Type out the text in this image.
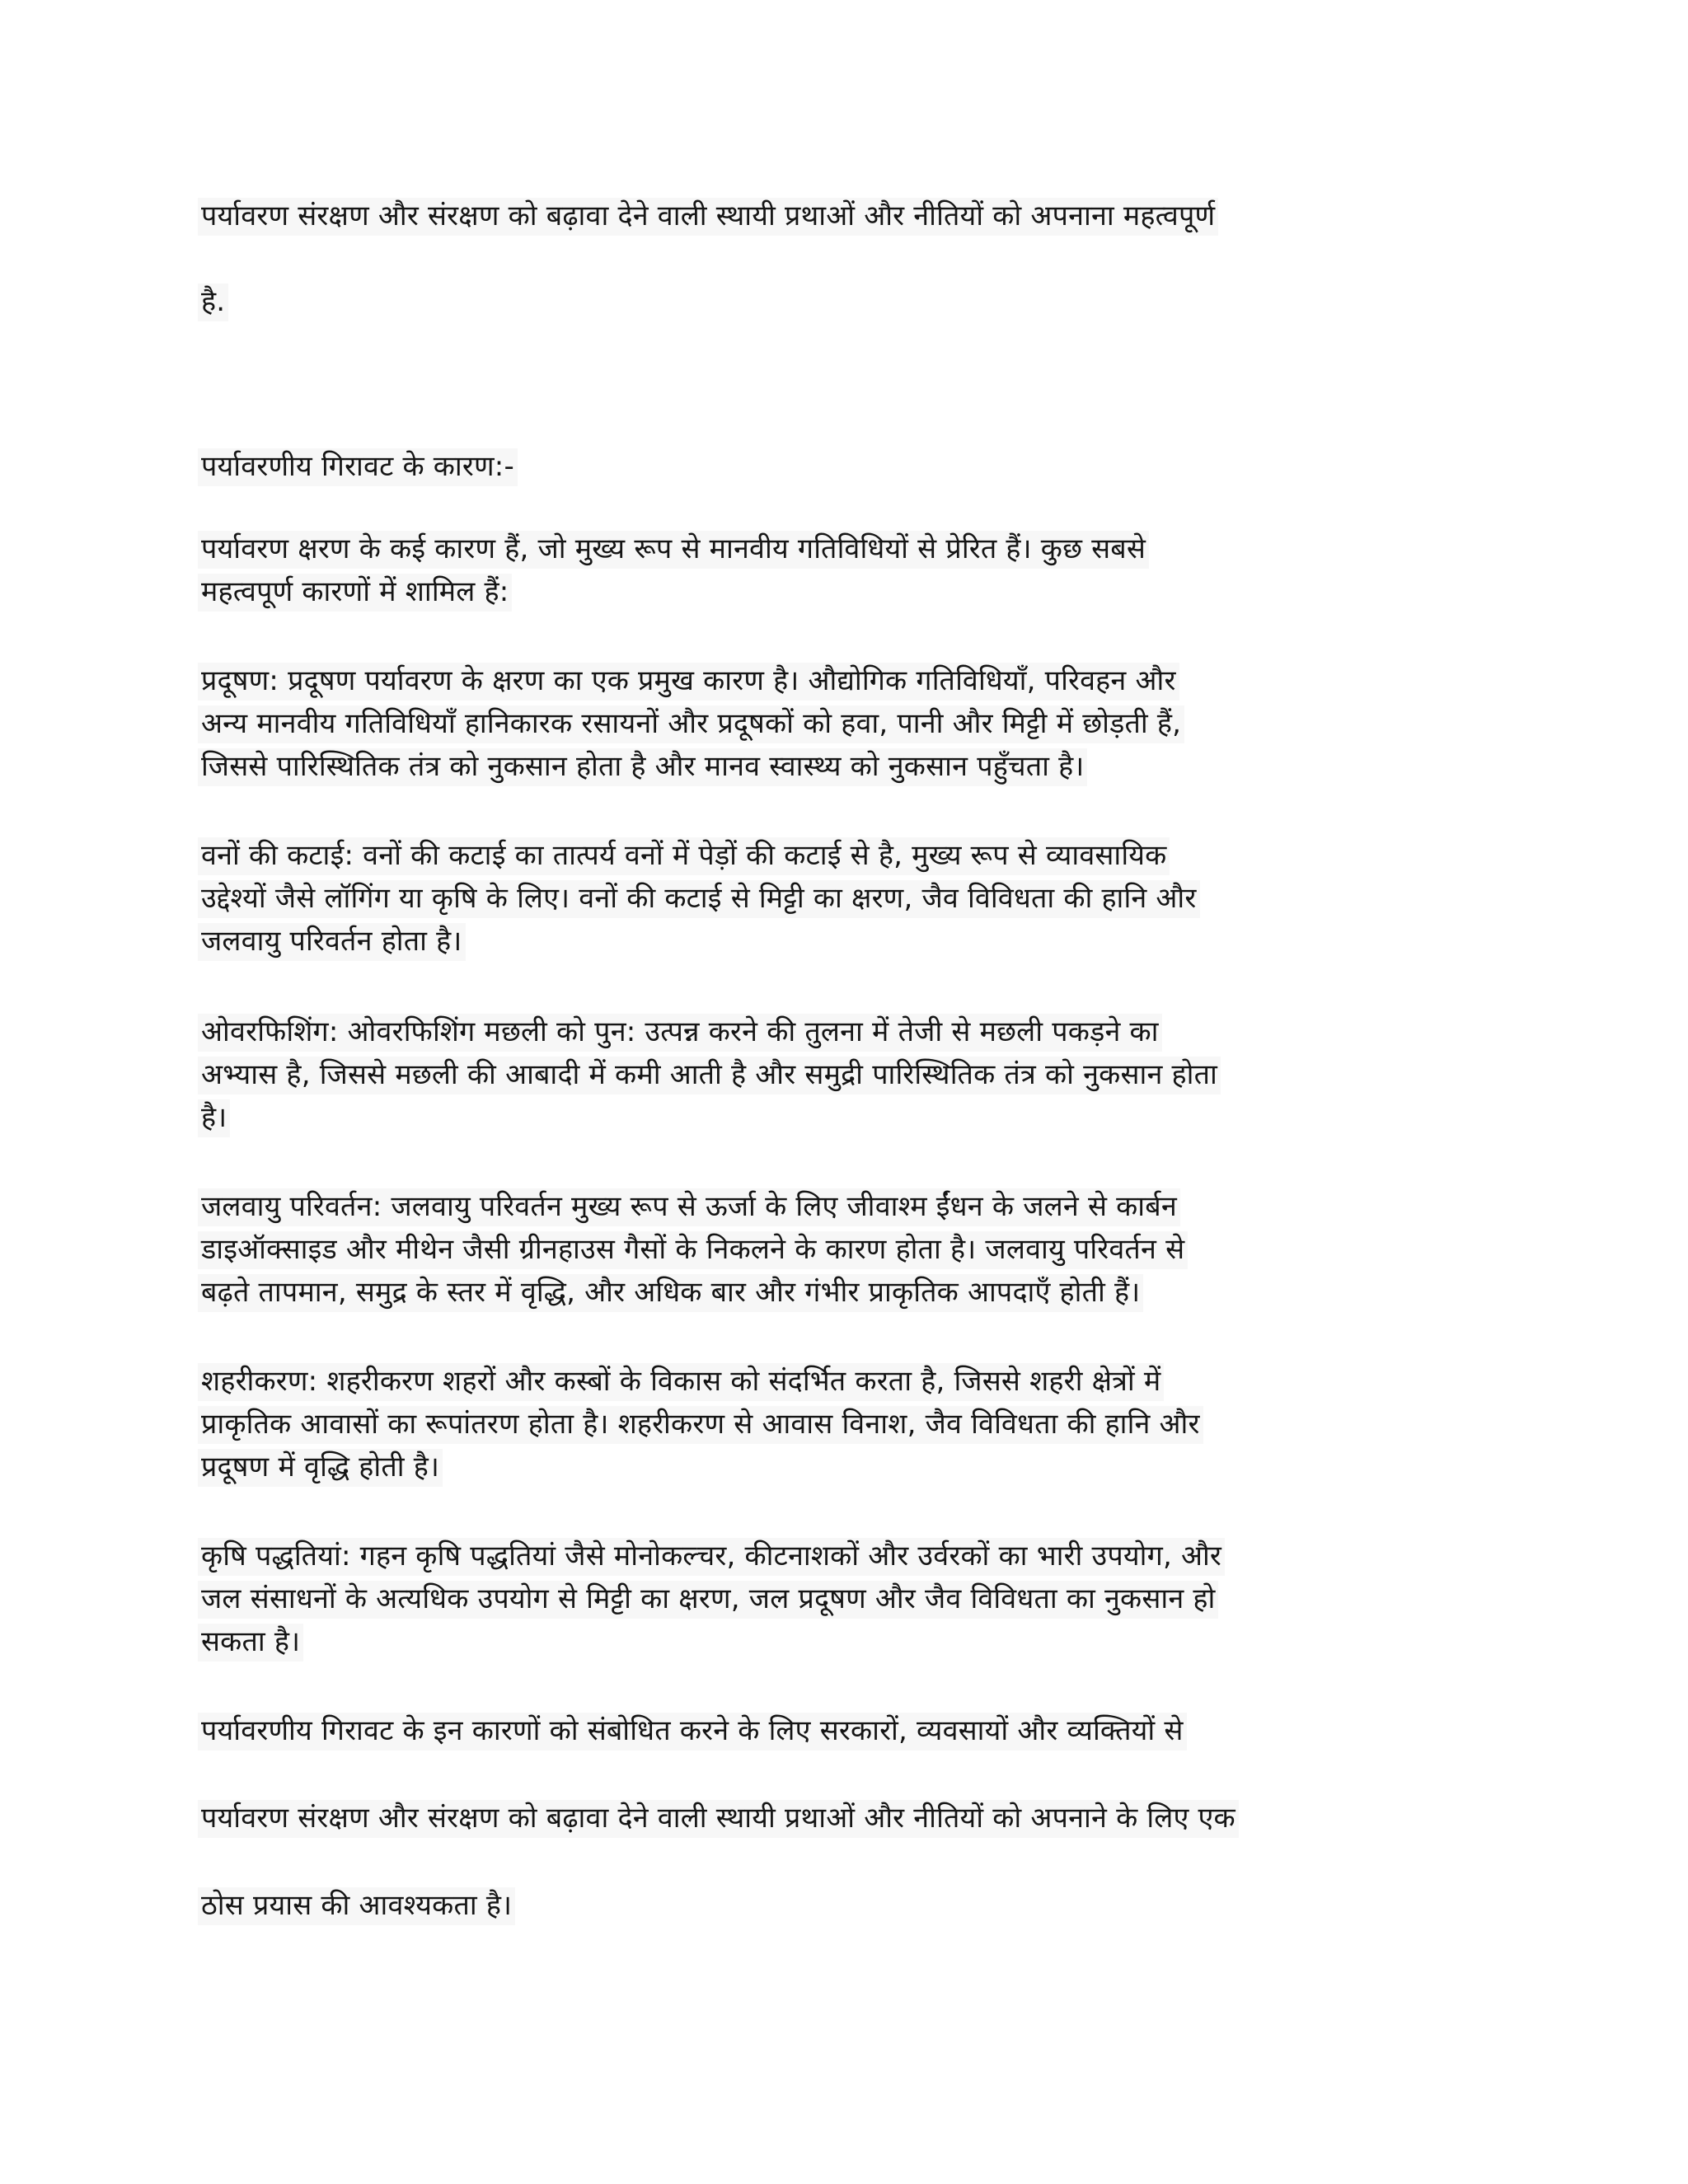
पर्यावरण संरक्षण और संरक्षण को बढ़ावा देने वाली स्थायी प्रथाओं और नीतियों को अपनाना महत्वपूर्ण
है.
पर्यावरणीय गिरावट के कारण:-
पर्यावरण क्षरण के कई कारण हैं, जो मुख्य रूप से मानवीय गतिविधियों से प्रेरित हैं। कुछ सबसे
महत्वपूर्ण कारणों में शामिल हैं:
प्रदूषण: प्रदूषण पर्यावरण के क्षरण का एक प्रमुख कारण है। औद्योगिक गतिविधियाँ, परिवहन और
अन्य मानवीय गतिविधियाँ हानिकारक रसायनों और प्रदूषकों को हवा, पानी और मिट्टी में छोड़ती हैं,
जिससे पारिस्थितिक तंत्र को नुकसान होता है और मानव स्वास्थ्य को नुकसान पहुँचता है।
वनों की कटाई: वनों की कटाई का तात्पर्य वनों में पेड़ों की कटाई से है, मुख्य रूप से व्यावसायिक
उद्देश्यों जैसे लॉगिंग या कृषि के लिए। वनों की कटाई से मिट्टी का क्षरण, जैव विविधता की हानि और
जलवायु परिवर्तन होता है।
ओवरफिशिंग: ओवरफिशिंग मछली को पुन: उत्पन्न करने की तुलना में तेजी से मछली पकड़ने का
अभ्यास है, जिससे मछली की आबादी में कमी आती है और समुद्री पारिस्थितिक तंत्र को नुकसान होता
है।
जलवायु परिवर्तन: जलवायु परिवर्तन मुख्य रूप से ऊर्जा के लिए जीवाश्म ईंधन के जलने से कार्बन
डाइऑक्साइड और मीथेन जैसी ग्रीनहाउस गैसों के निकलने के कारण होता है। जलवायु परिवर्तन से
बढ़ते तापमान, समुद्र के स्तर में वृद्धि, और अधिक बार और गंभीर प्राकृतिक आपदाएँ होती हैं।
शहरीकरण: शहरीकरण शहरों और कस्बों के विकास को संदर्भित करता है, जिससे शहरी क्षेत्रों में
प्राकृतिक आवासों का रूपांतरण होता है। शहरीकरण से आवास विनाश, जैव विविधता की हानि और
प्रदूषण में वृद्धि होती है।
कृषि पद्धतियां: गहन कृषि पद्धतियां जैसे मोनोकल्चर, कीटनाशकों और उर्वरकों का भारी उपयोग, और
जल संसाधनों के अत्यधिक उपयोग से मिट्टी का क्षरण, जल प्रदूषण और जैव विविधता का नुकसान हो
सकता है।
पर्यावरणीय गिरावट के इन कारणों को संबोधित करने के लिए सरकारों, व्यवसायों और व्यक्तियों से
पर्यावरण संरक्षण और संरक्षण को बढ़ावा देने वाली स्थायी प्रथाओं और नीतियों को अपनाने के लिए एक
ठोस प्रयास की आवश्यकता है।
